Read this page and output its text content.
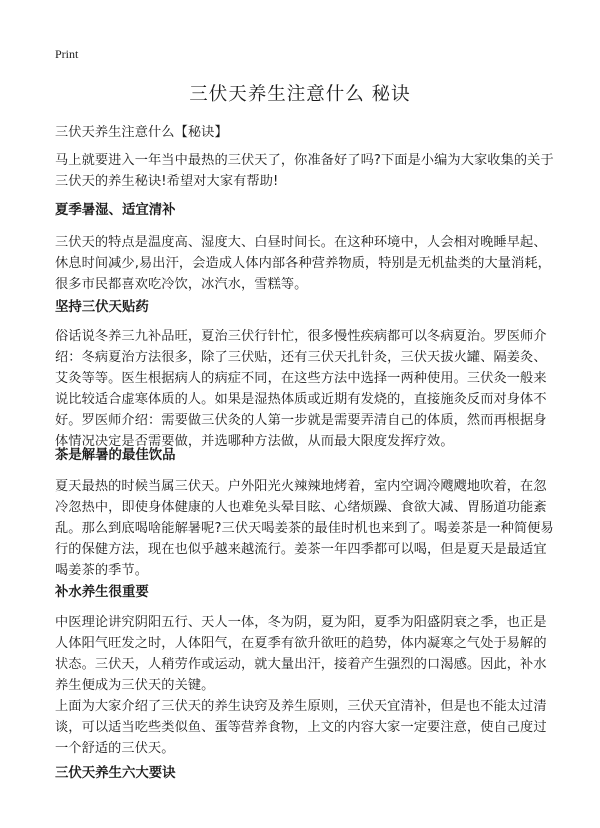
Print
三伏天养生注意什么 秘诀

三伏天养生注意什么【秘诀】

马上就要进入一年当中最热的三伏天了，你准备好了吗?下面是小编为大家收集的关于三伏天的养生秘诀!希望对大家有帮助!

夏季暑湿、适宜清补

三伏天的特点是温度高、湿度大、白昼时间长。在这种环境中，人会相对晚睡早起、休息时间减少,易出汗，会造成人体内部各种营养物质，特别是无机盐类的大量消耗，很多市民都喜欢吃冷饮，冰汽水，雪糕等。

坚持三伏天贴药

俗话说冬养三九补品旺，夏治三伏行针忙，很多慢性疾病都可以冬病夏治。罗医师介绍：冬病夏治方法很多，除了三伏贴，还有三伏天扎针灸，三伏天拔火罐、隔姜灸、艾灸等等。医生根据病人的病症不同，在这些方法中选择一两种使用。三伏灸一般来说比较适合虚寒体质的人。如果是湿热体质或近期有发烧的，直接施灸反而对身体不好。罗医师介绍：需要做三伏灸的人第一步就是需要弄清自己的体质，然而再根据身体情况决定是否需要做，并选哪种方法做，从而最大限度发挥疗效。

茶是解暑的最佳饮品

夏天最热的时候当属三伏天。户外阳光火辣辣地烤着，室内空调冷飕飕地吹着，在忽冷忽热中，即使身体健康的人也难免头晕目眩、心绪烦躁、食欲大减、胃肠道功能紊乱。那么到底喝啥能解暑呢?三伏天喝姜茶的最佳时机也来到了。喝姜茶是一种简便易行的保健方法，现在也似乎越来越流行。姜茶一年四季都可以喝，但是夏天是最适宜喝姜茶的季节。

补水养生很重要

中医理论讲究阴阳五行、天人一体，冬为阴，夏为阳，夏季为阳盛阴衰之季，也正是人体阳气旺发之时，人体阳气，在夏季有欲升欲旺的趋势，体内凝寒之气处于易解的状态。三伏天，人稍劳作或运动，就大量出汗，接着产生强烈的口渴感。因此，补水养生便成为三伏天的关键。

上面为大家介绍了三伏天的养生诀窍及养生原则，三伏天宜清补，但是也不能太过清谈，可以适当吃些类似鱼、蛋等营养食物，上文的内容大家一定要注意，使自己度过一个舒适的三伏天。

三伏天养生六大要诀
